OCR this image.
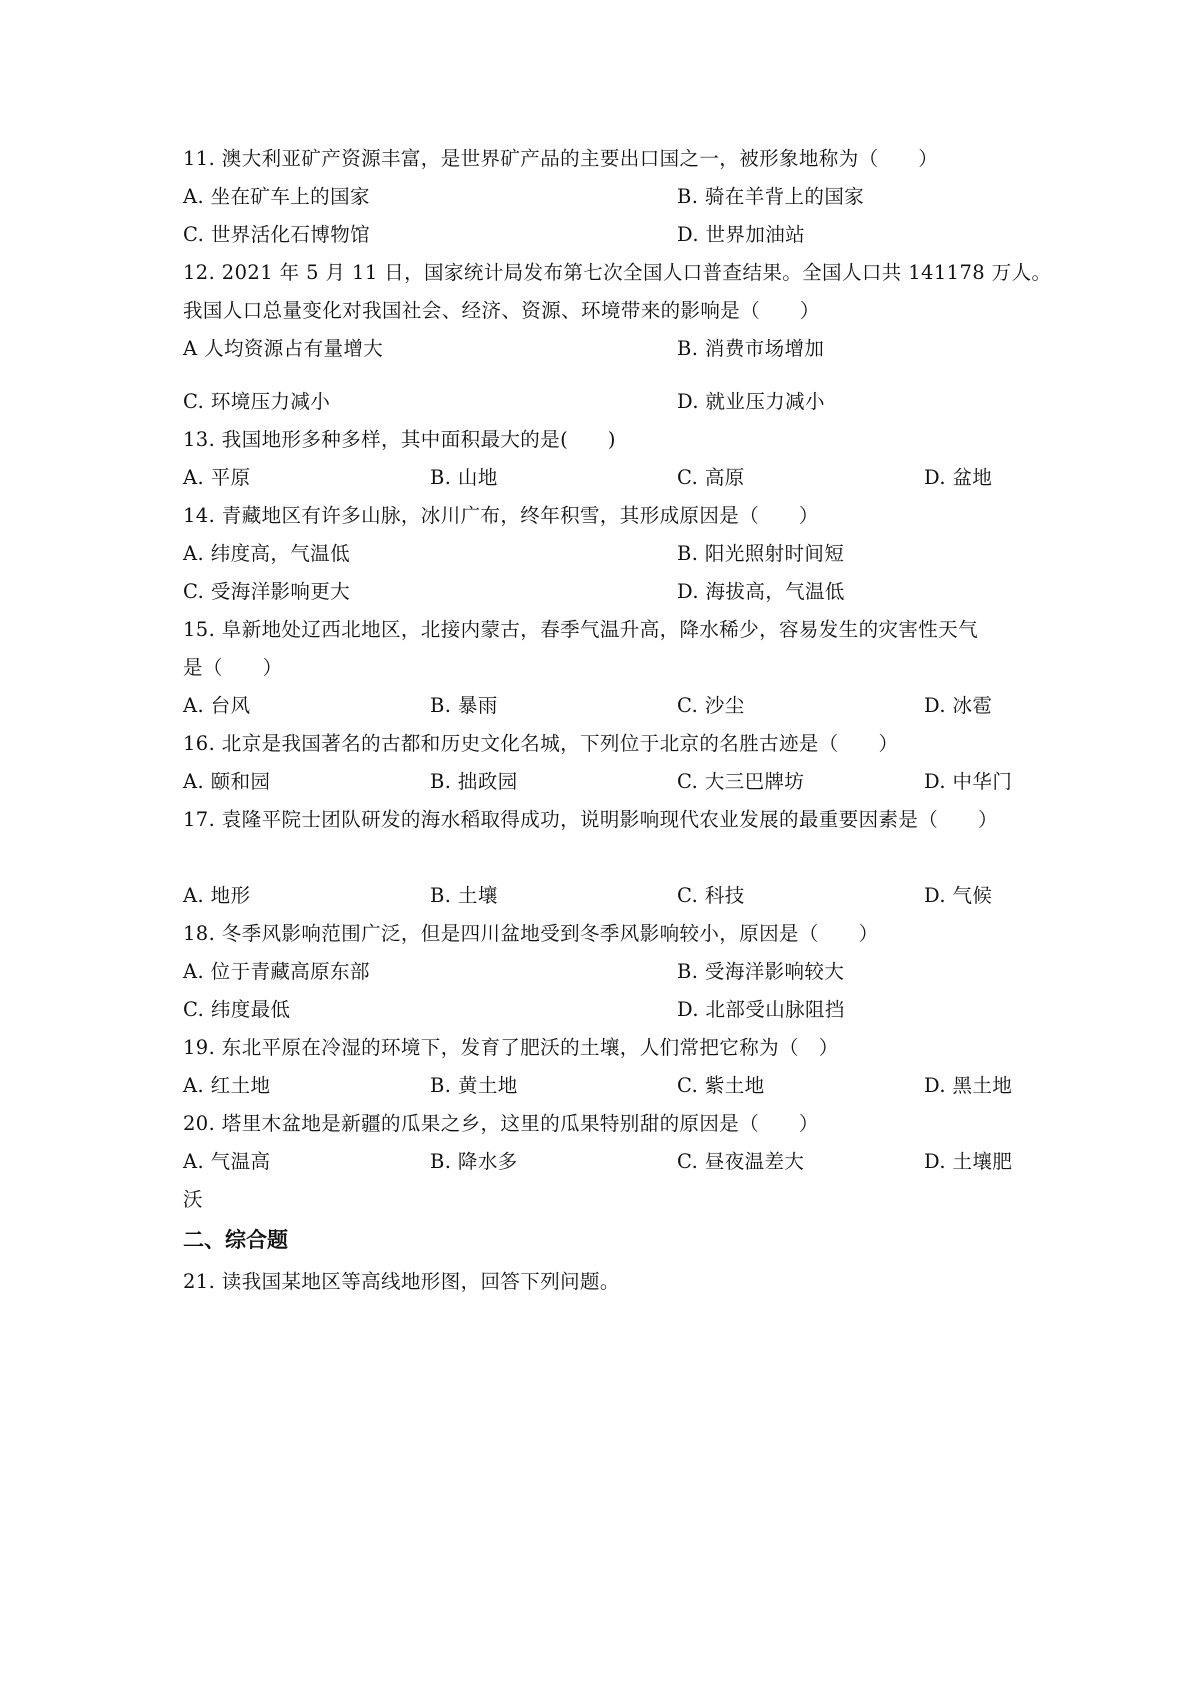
11. 澳大利亚矿产资源丰富，是世界矿产品的主要出口国之一，被形象地称为（　　）
A. 坐在矿车上的国家	B. 骑在羊背上的国家
C. 世界活化石博物馆	D. 世界加油站
12. 2021 年 5 月 11 日，国家统计局发布第七次全国人口普查结果。全国人口共 141178 万人。
我国人口总量变化对我国社会、经济、资源、环境带来的影响是（　　）
A 人均资源占有量增大	B. 消费市场增加
C. 环境压力减小	D. 就业压力减小
13. 我国地形多种多样，其中面积最大的是(　　)
A. 平原	B. 山地	C. 高原	D. 盆地
14. 青藏地区有许多山脉，冰川广布，终年积雪，其形成原因是（　　）
A. 纬度高，气温低	B. 阳光照射时间短
C. 受海洋影响更大	D. 海拔高，气温低
15. 阜新地处辽西北地区，北接内蒙古，春季气温升高，降水稀少，容易发生的灾害性天气
是（　　）
A. 台风	B. 暴雨	C. 沙尘	D. 冰雹
16. 北京是我国著名的古都和历史文化名城，下列位于北京的名胜古迹是（　　）
A. 颐和园	B. 拙政园	C. 大三巴牌坊	D. 中华门
17. 袁隆平院士团队研发的海水稻取得成功，说明影响现代农业发展的最重要因素是（　　）
A. 地形	B. 土壤	C. 科技	D. 气候
18. 冬季风影响范围广泛，但是四川盆地受到冬季风影响较小，原因是（　　）
A. 位于青藏高原东部	B. 受海洋影响较大
C. 纬度最低	D. 北部受山脉阻挡
19. 东北平原在冷湿的环境下，发育了肥沃的土壤，人们常把它称为（　）
A. 红土地	B. 黄土地	C. 紫土地	D. 黑土地
20. 塔里木盆地是新疆的瓜果之乡，这里的瓜果特别甜的原因是（　　）
A. 气温高	B. 降水多	C. 昼夜温差大	D. 土壤肥
沃
二、综合题
21. 读我国某地区等高线地形图，回答下列问题。
